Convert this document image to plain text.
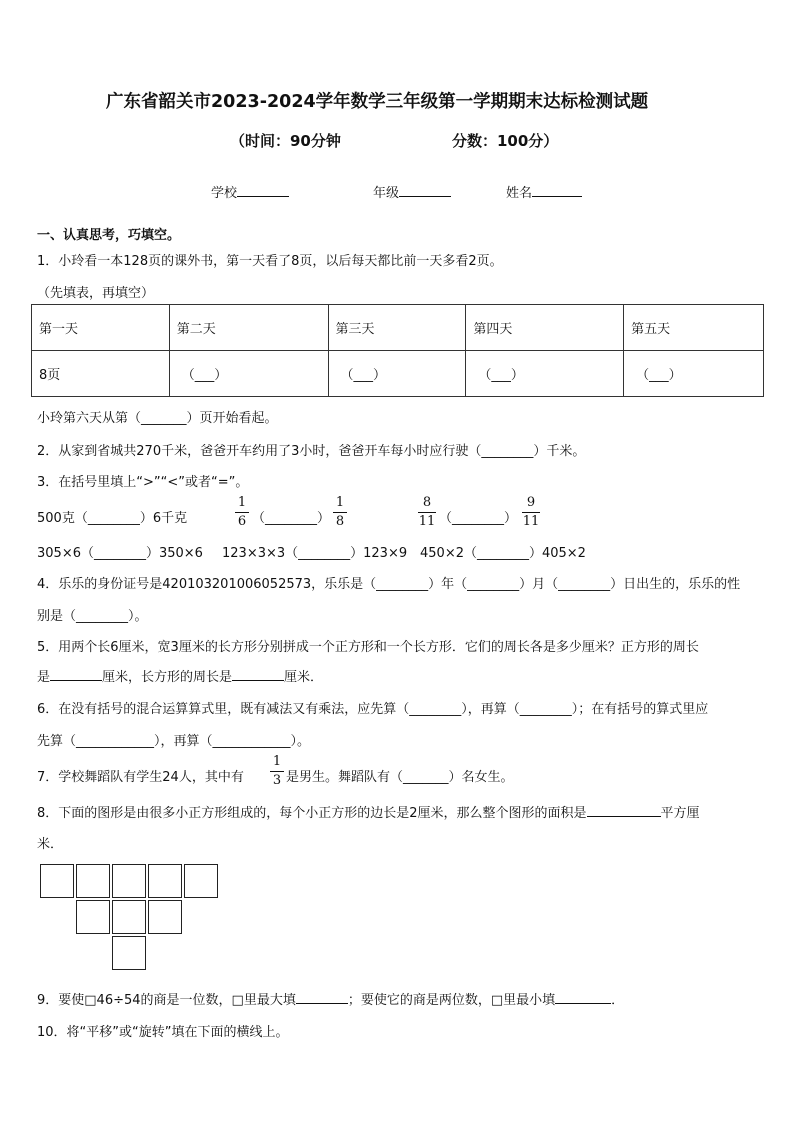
广东省韶关市2023-2024学年数学三年级第一学期期末达标检测试题
（时间：90分钟	分数：100分）
学校	年级	姓名
一、认真思考，巧填空。
1．小玲看一本128页的课外书，第一天看了8页，以后每天都比前一天多看2页。
（先填表，再填空）
第一天	第二天	第三天	第四天	第五天
8页	（___）	（___）	（___）	（___）
小玲第六天从第（_______）页开始看起。
2．从家到省城共270千米，爸爸开车约用了3小时，爸爸开车每小时应行驶（________）千米。
3．在括号里填上“>”“<”或者“=”。
500克（________）6千克
1
6 （________）
1
8
8
11 （________）
9
11
305×6（________）350×6 123×3×3（________）123×9 450×2（________）405×2
4．乐乐的身份证号是420103201006052573，乐乐是（________）年（________）月（________）日出生的，乐乐的性
别是（________）。
5．用两个长6厘米，宽3厘米的长方形分别拼成一个正方形和一个长方形．它们的周长各是多少厘米？正方形的周长
是	厘米，长方形的周长是	厘米．
6．在没有括号的混合运算算式里，既有减法又有乘法，应先算（________），再算（________）；在有括号的算式里应
先算（____________），再算（____________）。
7．学校舞蹈队有学生24人，其中有
1
3 是男生。舞蹈队有（_______）名女生。
8．下面的图形是由很多小正方形组成的，每个小正方形的边长是2厘米，那么整个图形的面积是	平方厘
米．
9．要使□46÷54的商是一位数，□里最大填	；要使它的商是两位数，□里最小填	．
10．将“平移”或“旋转”填在下面的横线上。
